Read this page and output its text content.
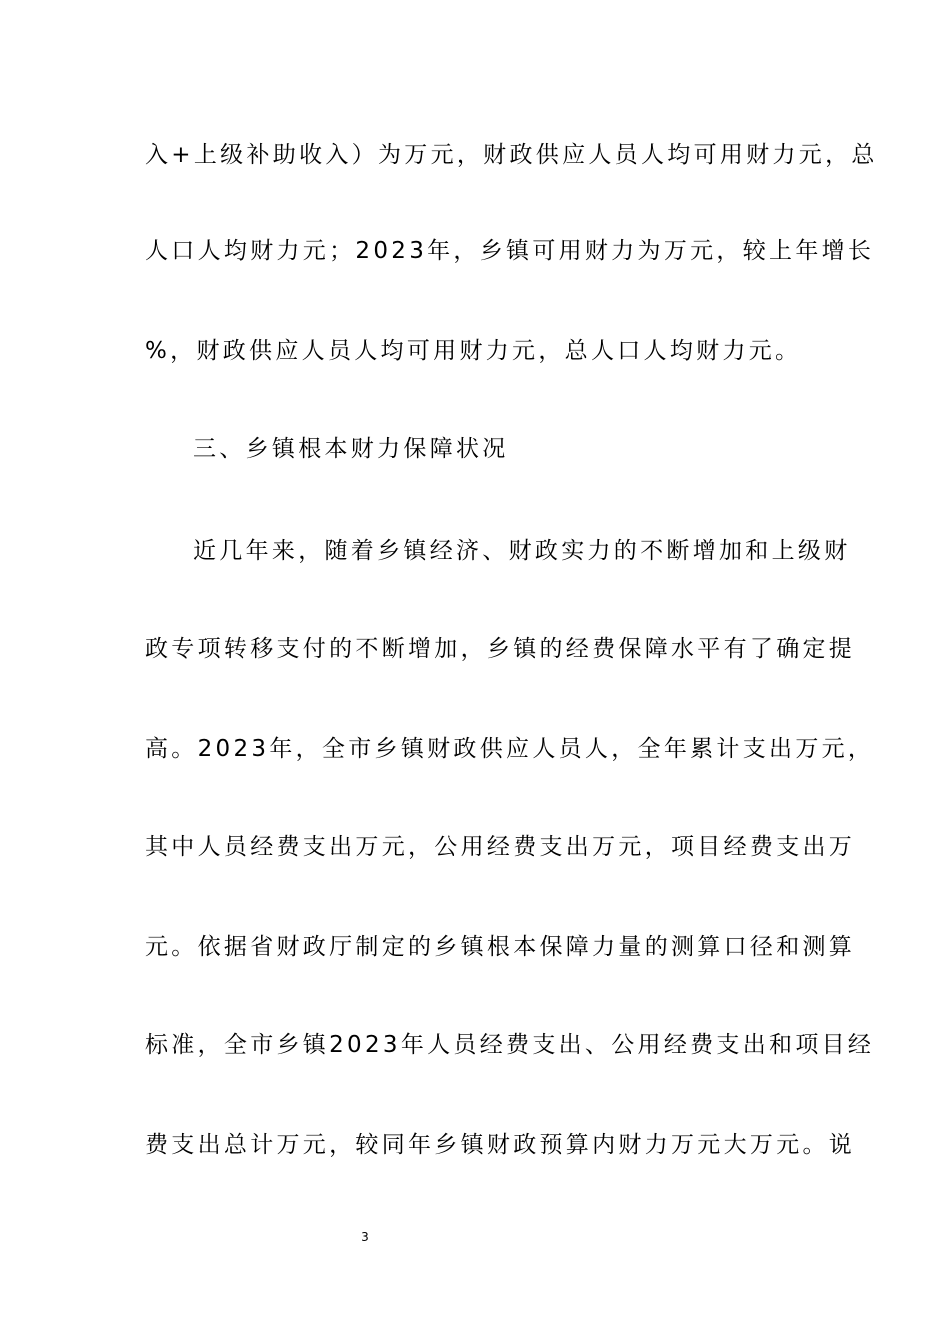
入+上级补助收入）为万元，财政供应人员人均可用财力元，总
人口人均财力元；2023年，乡镇可用财力为万元，较上年增长
%，财政供应人员人均可用财力元，总人口人均财力元。
三、乡镇根本财力保障状况
近几年来，随着乡镇经济、财政实力的不断增加和上级财
政专项转移支付的不断增加，乡镇的经费保障水平有了确定提
高。2023年，全市乡镇财政供应人员人，全年累计支出万元，
其中人员经费支出万元，公用经费支出万元，项目经费支出万
元。依据省财政厅制定的乡镇根本保障力量的测算口径和测算
标准，全市乡镇2023年人员经费支出、公用经费支出和项目经
费支出总计万元，较同年乡镇财政预算内财力万元大万元。说
3
